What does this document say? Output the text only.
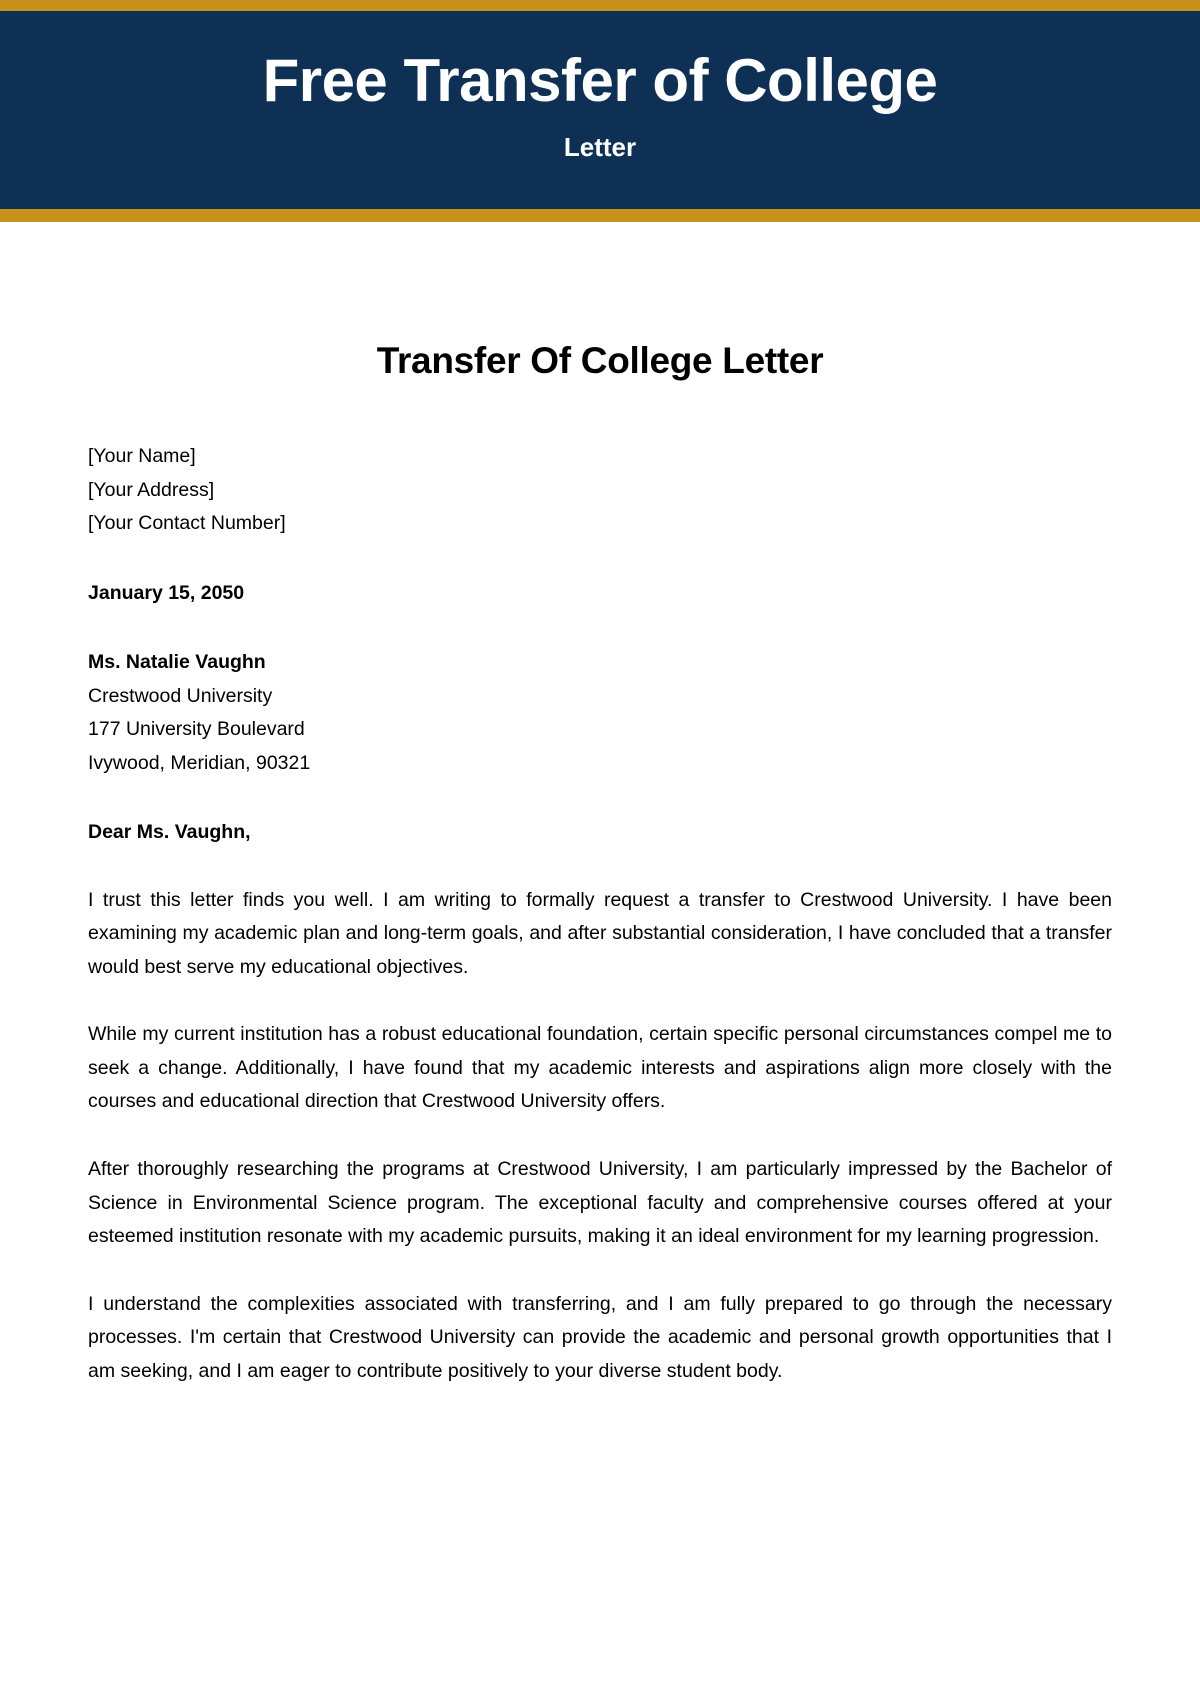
Free Transfer of College
Letter
Transfer Of College Letter
[Your Name]
[Your Address]
[Your Contact Number]
January 15, 2050
Ms. Natalie Vaughn
Crestwood University
177 University Boulevard
Ivywood, Meridian, 90321
Dear Ms. Vaughn,
I trust this letter finds you well. I am writing to formally request a transfer to Crestwood University. I have been examining my academic plan and long-term goals, and after substantial consideration, I have concluded that a transfer would best serve my educational objectives.
While my current institution has a robust educational foundation, certain specific personal circumstances compel me to seek a change. Additionally, I have found that my academic interests and aspirations align more closely with the courses and educational direction that Crestwood University offers.
After thoroughly researching the programs at Crestwood University, I am particularly impressed by the Bachelor of Science in Environmental Science program. The exceptional faculty and comprehensive courses offered at your esteemed institution resonate with my academic pursuits, making it an ideal environment for my learning progression.
I understand the complexities associated with transferring, and I am fully prepared to go through the necessary processes. I'm certain that Crestwood University can provide the academic and personal growth opportunities that I am seeking, and I am eager to contribute positively to your diverse student body.
